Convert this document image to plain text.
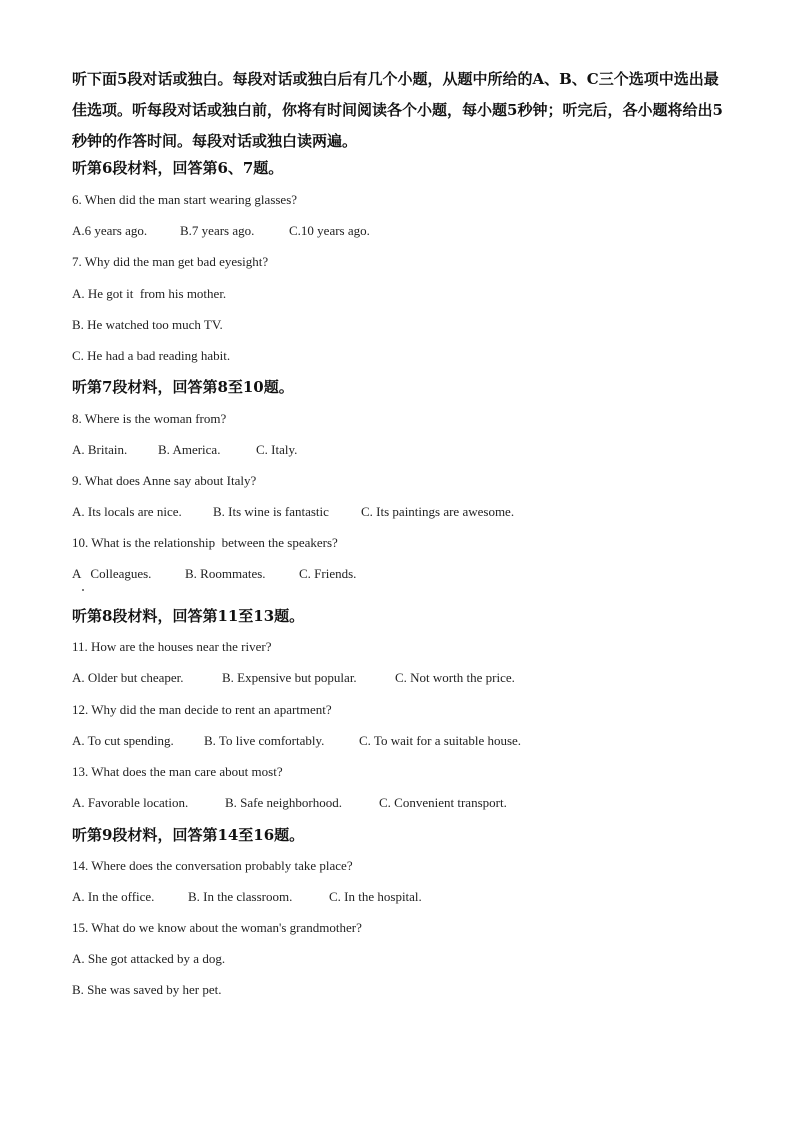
听下面5段对话或独白。每段对话或独白后有几个小题，从题中所给的A、B、C三个选项中选出最佳选项。听每段对话或独白前，你将有时间阅读各个小题，每小题5秒钟；听完后，各小题将给出5秒钟的作答时间。每段对话或独白读两遍。

听第6段材料，回答第6、7题。

6. When did the man start wearing glasses?

A.6 years ago.	B.7 years ago.	C.10 years ago.

7. Why did the man get bad eyesight?

A. He got it  from his mother.

B. He watched too much TV.

C. He had a bad reading habit.

听第7段材料，回答第8至10题。

8. Where is the woman from?

A. Britain. B. America.	C. Italy.

9. What does Anne say about Italy?

A. Its locals are nice. B. Its wine is fantastic C. Its paintings are awesome.

10. What is the relationship  between the speakers?

A   Colleagues.	B. Roommates.	C. Friends.

听第8段材料，回答第11至13题。

11. How are the houses near the river?

A. Older but cheaper.	B. Expensive but popular.	C. Not worth the price.

12. Why did the man decide to rent an apartment?

A. To cut spending. B. To live comfortably.	C. To wait for a suitable house.

13. What does the man care about most?

A. Favorable location.	B. Safe neighborhood.	C. Convenient transport.

听第9段材料，回答第14至16题。

14. Where does the conversation probably take place?

A. In the office.	B. In the classroom.	C. In the hospital.

15. What do we know about the woman's grandmother?

A. She got attacked by a dog.

B. She was saved by her pet.
